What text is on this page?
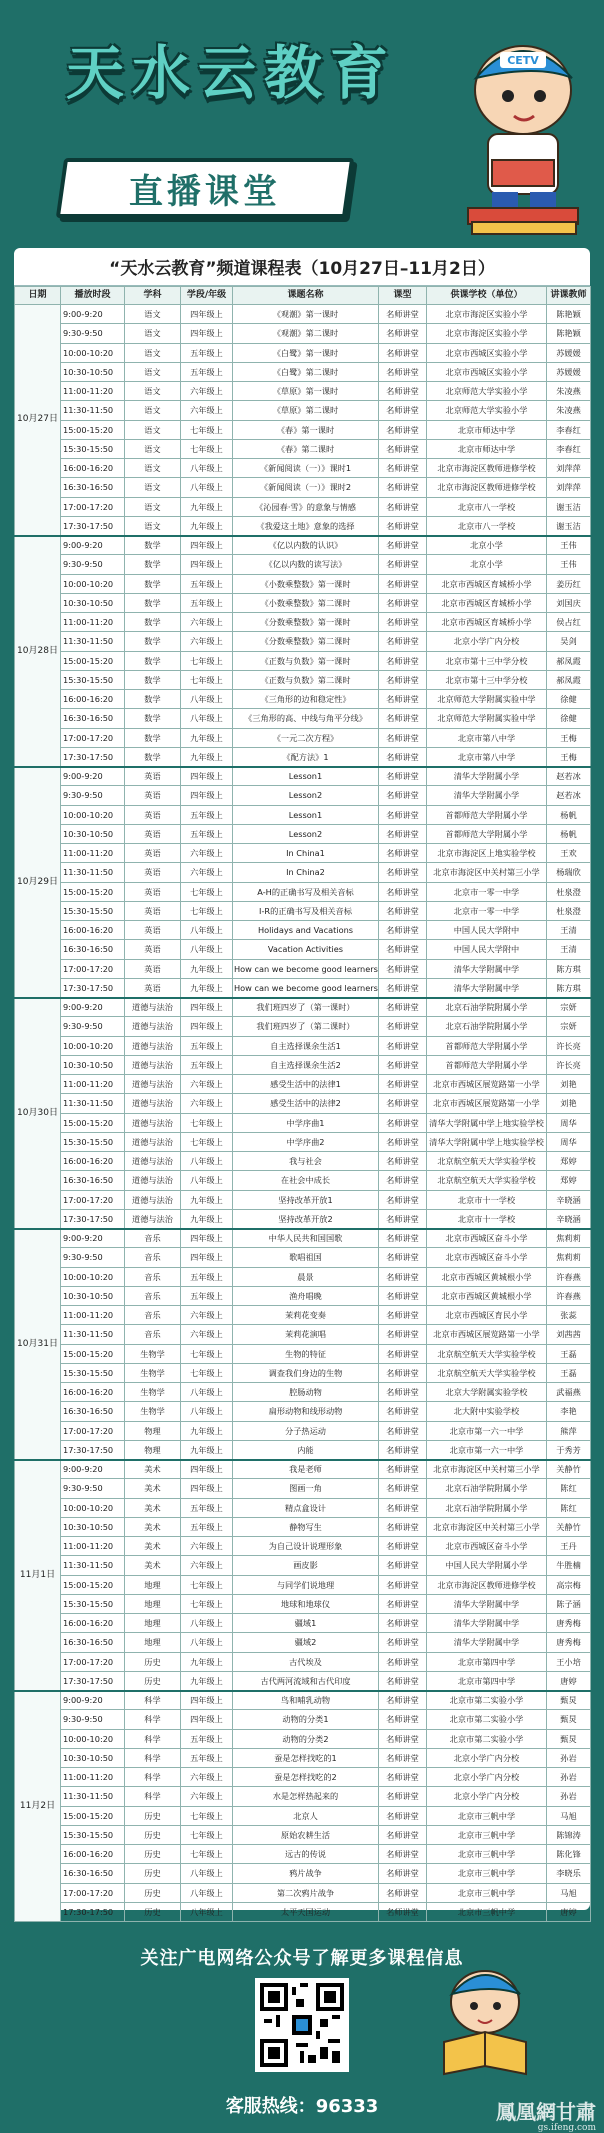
天水云教育
直播课堂
CETV
“天水云教育”频道课程表（10月27日–11月2日）
日期	播放时段	学科	学段/年级	课题名称	课型	供课学校（单位）	讲课教师
10月27日	9:00-9:20	语文	四年级上	《观潮》第一课时	名师讲堂	北京市海淀区实验小学	陈艳颖
	9:30-9:50	语文	四年级上	《观潮》第二课时	名师讲堂	北京市海淀区实验小学	陈艳颖
	10:00-10:20	语文	五年级上	《白鹭》第一课时	名师讲堂	北京市西城区实验小学	苏媛媛
	10:30-10:50	语文	五年级上	《白鹭》第二课时	名师讲堂	北京市西城区实验小学	苏媛媛
	11:00-11:20	语文	六年级上	《草原》第一课时	名师讲堂	北京师范大学实验小学	朱凌燕
	11:30-11:50	语文	六年级上	《草原》第二课时	名师讲堂	北京师范大学实验小学	朱凌燕
	15:00-15:20	语文	七年级上	《春》第一课时	名师讲堂	北京市师达中学	李春红
	15:30-15:50	语文	七年级上	《春》第二课时	名师讲堂	北京市师达中学	李春红
	16:00-16:20	语文	八年级上	《新闻阅读（一）》课时1	名师讲堂	北京市海淀区教师进修学校	刘萍萍
	16:30-16:50	语文	八年级上	《新闻阅读（一）》课时2	名师讲堂	北京市海淀区教师进修学校	刘萍萍
	17:00-17:20	语文	九年级上	《沁园春·雪》的意象与情感	名师讲堂	北京市八一学校	谢玉洁
	17:30-17:50	语文	九年级上	《我爱这土地》意象的选择	名师讲堂	北京市八一学校	谢玉洁
10月28日	9:00-9:20	数学	四年级上	《亿以内数的认识》	名师讲堂	北京小学	王伟
	9:30-9:50	数学	四年级上	《亿以内数的读写法》	名师讲堂	北京小学	王伟
	10:00-10:20	数学	五年级上	《小数乘整数》第一课时	名师讲堂	北京市西城区育城桥小学	姜历红
	10:30-10:50	数学	五年级上	《小数乘整数》第二课时	名师讲堂	北京市西城区育城桥小学	刘国庆
	11:00-11:20	数学	六年级上	《分数乘整数》第一课时	名师讲堂	北京市西城区育城桥小学	侯占红
	11:30-11:50	数学	六年级上	《分数乘整数》第二课时	名师讲堂	北京小学广内分校	吴剑
	15:00-15:20	数学	七年级上	《正数与负数》第一课时	名师讲堂	北京市第十三中学分校	郝凤霞
	15:30-15:50	数学	七年级上	《正数与负数》第二课时	名师讲堂	北京市第十三中学分校	郝凤霞
	16:00-16:20	数学	八年级上	《三角形的边和稳定性》	名师讲堂	北京师范大学附属实验中学	徐健
	16:30-16:50	数学	八年级上	《三角形的高、中线与角平分线》	名师讲堂	北京师范大学附属实验中学	徐健
	17:00-17:20	数学	九年级上	《一元二次方程》	名师讲堂	北京市第八中学	王梅
	17:30-17:50	数学	九年级上	《配方法》1	名师讲堂	北京市第八中学	王梅
10月29日	9:00-9:20	英语	四年级上	Lesson1	名师讲堂	清华大学附属小学	赵若冰
	9:30-9:50	英语	四年级上	Lesson2	名师讲堂	清华大学附属小学	赵若冰
	10:00-10:20	英语	五年级上	Lesson1	名师讲堂	首都师范大学附属小学	杨帆
	10:30-10:50	英语	五年级上	Lesson2	名师讲堂	首都师范大学附属小学	杨帆
	11:00-11:20	英语	六年级上	In China1	名师讲堂	北京市海淀区上地实验学校	王欢
	11:30-11:50	英语	六年级上	In China2	名师讲堂	北京市海淀区中关村第三小学	杨瑞欣
	15:00-15:20	英语	七年级上	A-H的正确书写及相关音标	名师讲堂	北京市一零一中学	杜泉澄
	15:30-15:50	英语	七年级上	I-R的正确书写及相关音标	名师讲堂	北京市一零一中学	杜泉澄
	16:00-16:20	英语	八年级上	Holidays and Vacations	名师讲堂	中国人民大学附中	王清
	16:30-16:50	英语	八年级上	Vacation Activities	名师讲堂	中国人民大学附中	王清
	17:00-17:20	英语	九年级上	How can we become good learners	名师讲堂	清华大学附属中学	陈方琪
	17:30-17:50	英语	九年级上	How can we become good learners	名师讲堂	清华大学附属中学	陈方琪
10月30日	9:00-9:20	道德与法治	四年级上	我们班四岁了（第一课时）	名师讲堂	北京石油学院附属小学	宗妍
	9:30-9:50	道德与法治	四年级上	我们班四岁了（第二课时）	名师讲堂	北京石油学院附属小学	宗妍
	10:00-10:20	道德与法治	五年级上	自主选择课余生活1	名师讲堂	首都师范大学附属小学	许长亮
	10:30-10:50	道德与法治	五年级上	自主选择课余生活2	名师讲堂	首都师范大学附属小学	许长亮
	11:00-11:20	道德与法治	六年级上	感受生活中的法律1	名师讲堂	北京市西城区展览路第一小学	刘艳
	11:30-11:50	道德与法治	六年级上	感受生活中的法律2	名师讲堂	北京市西城区展览路第一小学	刘艳
	15:00-15:20	道德与法治	七年级上	中学序曲1	名师讲堂	清华大学附属中学上地实验学校	周华
	15:30-15:50	道德与法治	七年级上	中学序曲2	名师讲堂	清华大学附属中学上地实验学校	周华
	16:00-16:20	道德与法治	八年级上	我与社会	名师讲堂	北京航空航天大学实验学校	郑婷
	16:30-16:50	道德与法治	八年级上	在社会中成长	名师讲堂	北京航空航天大学实验学校	郑婷
	17:00-17:20	道德与法治	九年级上	坚持改革开放1	名师讲堂	北京市十一学校	辛晓涵
	17:30-17:50	道德与法治	九年级上	坚持改革开放2	名师讲堂	北京市十一学校	辛晓涵
10月31日	9:00-9:20	音乐	四年级上	中华人民共和国国歌	名师讲堂	北京市西城区奋斗小学	焦莉莉
	9:30-9:50	音乐	四年级上	歌唱祖国	名师讲堂	北京市西城区奋斗小学	焦莉莉
	10:00-10:20	音乐	五年级上	晨景	名师讲堂	北京市西城区黄城根小学	许春燕
	10:30-10:50	音乐	五年级上	渔舟唱晚	名师讲堂	北京市西城区黄城根小学	许春燕
	11:00-11:20	音乐	六年级上	茉莉花变奏	名师讲堂	北京市西城区育民小学	张蕊
	11:30-11:50	音乐	六年级上	茉莉花演唱	名师讲堂	北京市西城区展览路第一小学	刘茜茜
	15:00-15:20	生物学	七年级上	生物的特征	名师讲堂	北京航空航天大学实验学校	王磊
	15:30-15:50	生物学	七年级上	调查我们身边的生物	名师讲堂	北京航空航天大学实验学校	王磊
	16:00-16:20	生物学	八年级上	腔肠动物	名师讲堂	北京大学附属实验学校	武福燕
	16:30-16:50	生物学	八年级上	扁形动物和线形动物	名师讲堂	北大附中实验学校	李艳
	17:00-17:20	物理	九年级上	分子热运动	名师讲堂	北京市第一六一中学	熊萍
	17:30-17:50	物理	九年级上	内能	名师讲堂	北京市第一六一中学	于秀芳
11月1日	9:00-9:20	美术	四年级上	我是老师	名师讲堂	北京市海淀区中关村第三小学	关静竹
	9:30-9:50	美术	四年级上	图画一角	名师讲堂	北京石油学院附属小学	陈红
	10:00-10:20	美术	五年级上	精点盒设计	名师讲堂	北京石油学院附属小学	陈红
	10:30-10:50	美术	五年级上	静物写生	名师讲堂	北京市海淀区中关村第三小学	关静竹
	11:00-11:20	美术	六年级上	为自己设计说理形象	名师讲堂	北京市西城区奋斗小学	王丹
	11:30-11:50	美术	六年级上	画皮影	名师讲堂	中国人民大学附属小学	牛胜楠
	15:00-15:20	地理	七年级上	与同学们说地理	名师讲堂	北京市海淀区教师进修学校	高宗梅
	15:30-15:50	地理	七年级上	地球和地球仪	名师讲堂	清华大学附属中学	陈子涵
	16:00-16:20	地理	八年级上	疆域1	名师讲堂	清华大学附属中学	唐秀梅
	16:30-16:50	地理	八年级上	疆域2	名师讲堂	清华大学附属中学	唐秀梅
	17:00-17:20	历史	九年级上	古代埃及	名师讲堂	北京市第四中学	王小培
	17:30-17:50	历史	九年级上	古代两河流域和古代印度	名师讲堂	北京市第四中学	唐婷
11月2日	9:00-9:20	科学	四年级上	鸟和哺乳动物	名师讲堂	北京市第二实验小学	甄炅
	9:30-9:50	科学	四年级上	动物的分类1	名师讲堂	北京市第二实验小学	甄炅
	10:00-10:20	科学	五年级上	动物的分类2	名师讲堂	北京市第二实验小学	甄炅
	10:30-10:50	科学	五年级上	蚕是怎样找吃的1	名师讲堂	北京小学广内分校	孙岩
	11:00-11:20	科学	六年级上	蚕是怎样找吃的2	名师讲堂	北京小学广内分校	孙岩
	11:30-11:50	科学	六年级上	水是怎样热起来的	名师讲堂	北京小学广内分校	孙岩
	15:00-15:20	历史	七年级上	北京人	名师讲堂	北京市三帆中学	马旭
	15:30-15:50	历史	七年级上	原始农耕生活	名师讲堂	北京市三帆中学	陈锦涛
	16:00-16:20	历史	七年级上	远古的传说	名师讲堂	北京市三帆中学	陈化锋
	16:30-16:50	历史	八年级上	鸦片战争	名师讲堂	北京市三帆中学	李晓乐
	17:00-17:20	历史	八年级上	第二次鸦片战争	名师讲堂	北京市三帆中学	马旭
	17:30-17:50	历史	八年级上	太平天国运动	名师讲堂	北京市三帆中学	唐婷
关注广电网络公众号了解更多课程信息
客服热线：96333	鳳凰網甘肅
gs.ifeng.com
